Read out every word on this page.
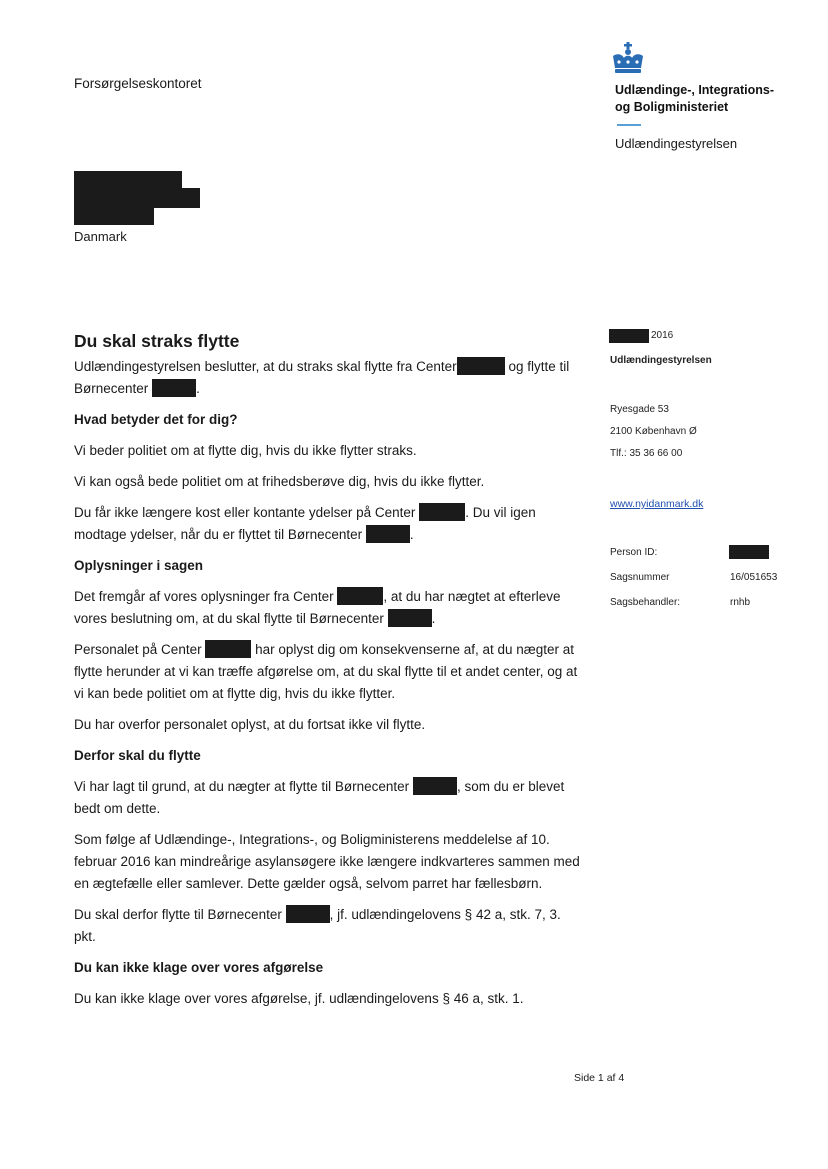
Forsørgelseskontoret	Udlændinge-, Integrations-
og Boligministeriet
Udlændingestyrelsen
Danmark
2016
Udlændingestyrelsen
Ryesgade 53
2100 København Ø
Tlf.: 35 36 66 00
www.nyidanmark.dk
Person ID:
Sagsnummer	16/051653
Sagsbehandler:	rnhb
Du skal straks flytte

Udlændingestyrelsen beslutter, at du straks skal flytte fra Center	og flytte til Børnecenter	.

Hvad betyder det for dig?

Vi beder politiet om at flytte dig, hvis du ikke flytter straks.

Vi kan også bede politiet om at frihedsberøve dig, hvis du ikke flytter.

Du får ikke længere kost eller kontante ydelser på Center	. Du vil igen modtage ydelser, når du er flyttet til Børnecenter	.

Oplysninger i sagen

Det fremgår af vores oplysninger fra Center	, at du har nægtet at efterleve vores beslutning om, at du skal flytte til Børnecenter	.

Personalet på Center	har oplyst dig om konsekvenserne af, at du nægter at flytte herunder at vi kan træffe afgørelse om, at du skal flytte til et andet center, og at vi kan bede politiet om at flytte dig, hvis du ikke flytter.

Du har overfor personalet oplyst, at du fortsat ikke vil flytte.

Derfor skal du flytte

Vi har lagt til grund, at du nægter at flytte til Børnecenter	, som du er blevet bedt om dette.

Som følge af Udlændinge-, Integrations-, og Boligministerens meddelelse af 10. februar 2016 kan mindreårige asylansøgere ikke længere indkvarteres sammen med en ægtefælle eller samlever. Dette gælder også, selvom parret har fællesbørn.

Du skal derfor flytte til Børnecenter	, jf. udlændingelovens § 42 a, stk. 7, 3. pkt.

Du kan ikke klage over vores afgørelse

Du kan ikke klage over vores afgørelse, jf. udlændingelovens § 46 a, stk. 1.

Side 1 af 4
